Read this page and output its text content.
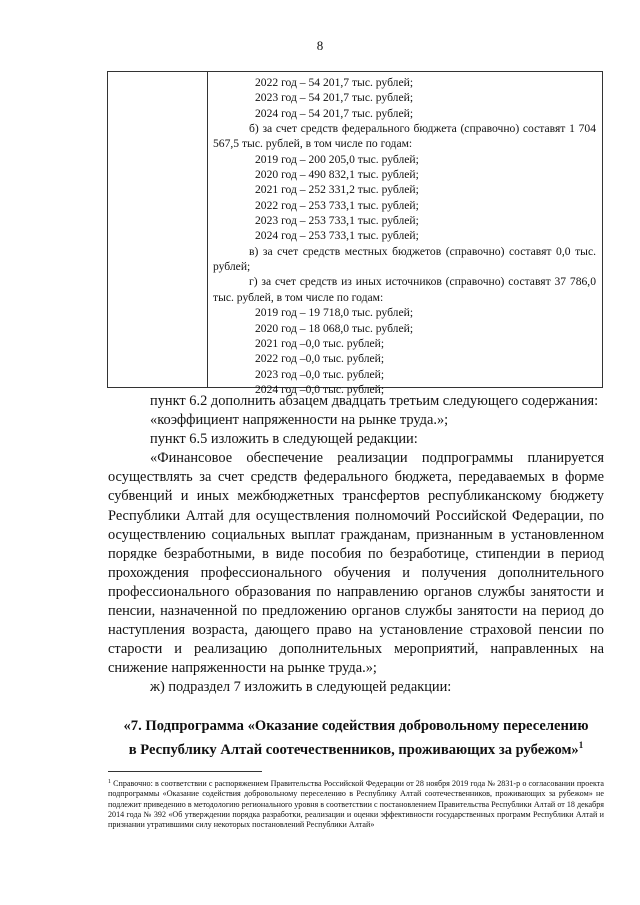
8
2022 год – 54 201,7 тыс. рублей;
2023 год – 54 201,7 тыс. рублей;
2024 год – 54 201,7 тыс. рублей;
б) за счет средств федерального бюджета (справочно) составят 1 704 567,5 тыс. рублей, в том числе по годам:
2019 год – 200 205,0 тыс. рублей;
2020 год – 490 832,1 тыс. рублей;
2021 год – 252 331,2 тыс. рублей;
2022 год – 253 733,1 тыс. рублей;
2023 год – 253 733,1 тыс. рублей;
2024 год – 253 733,1 тыс. рублей;
в) за счет средств местных бюджетов (справочно) составят 0,0 тыс. рублей;
г) за счет средств из иных источников (справочно) составят 37 786,0 тыс. рублей, в том числе по годам:
2019 год – 19 718,0 тыс. рублей;
2020 год – 18 068,0 тыс. рублей;
2021 год –0,0 тыс. рублей;
2022 год –0,0 тыс. рублей;
2023 год –0,0 тыс. рублей;
2024 год –0,0 тыс. рублей;

пункт 6.2 дополнить абзацем двадцать третьим следующего содержания:

«коэффициент напряженности на рынке труда.»;

пункт 6.5 изложить в следующей редакции:

«Финансовое обеспечение реализации подпрограммы планируется осуществлять за счет средств федерального бюджета, передаваемых в форме субвенций и иных межбюджетных трансфертов республиканскому бюджету Республики Алтай для осуществления полномочий Российской Федерации, по осуществлению социальных выплат гражданам, признанным в установленном порядке безработными, в виде пособия по безработице, стипендии в период прохождения профессионального обучения и получения дополнительного профессионального образования по направлению органов службы занятости и пенсии, назначенной по предложению органов службы занятости на период до наступления возраста, дающего право на установление страховой пенсии по старости и реализацию дополнительных мероприятий, направленных на снижение напряженности на рынке труда.»;

ж) подраздел 7 изложить в следующей редакции:

«7. Подпрограмма «Оказание содействия добровольному переселению
в Республику Алтай соотечественников, проживающих за рубежом»$^1$
$^1$ Справочно: в соответствии с распоряжением Правительства Российской Федерации от 28 ноября 2019 года № 2831-р о согласовании проекта подпрограммы «Оказание содействия добровольному переселению в Республику Алтай соотечественников, проживающих за рубежом» не подлежит приведению в методологию регионального уровня в соответствии с постановлением Правительства Республики Алтай от 18 декабря 2014 года № 392 «Об утверждении порядка разработки, реализации и оценки эффективности государственных программ Республики Алтай и признании утратившими силу некоторых постановлений Республики Алтай»
